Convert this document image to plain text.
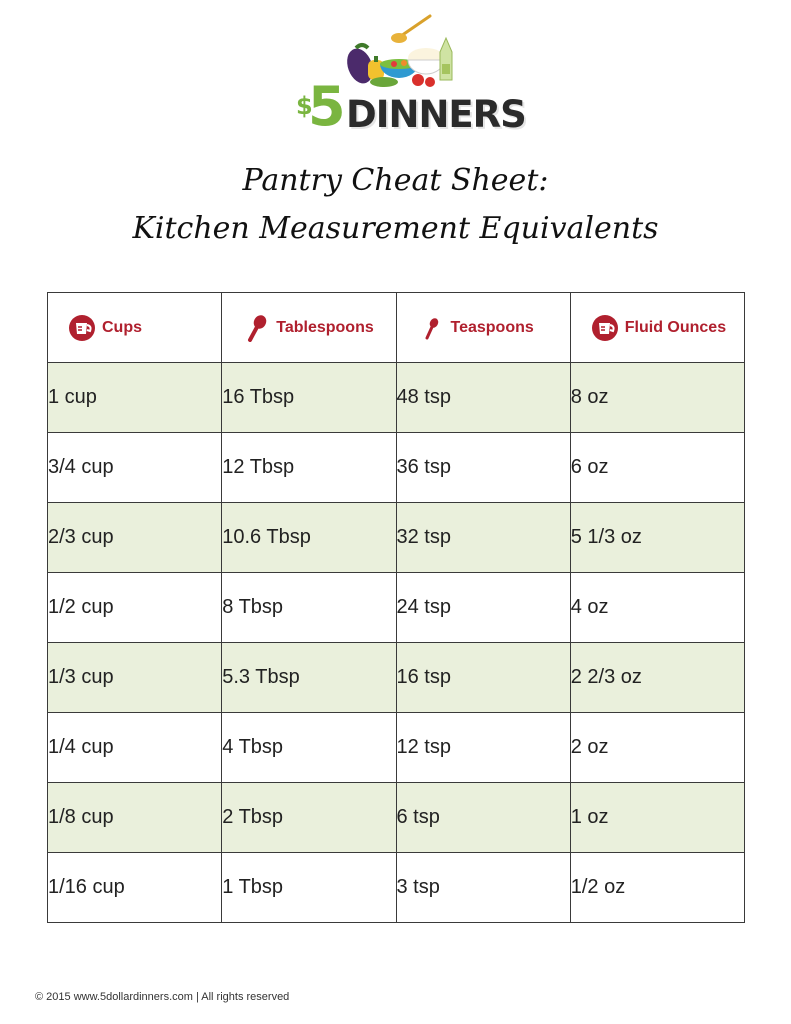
$
5 DINNERS
Pantry Cheat Sheet:
Kitchen Measurement Equivalents
Cups	Tablespoons	Teaspoons	Fluid Ounces

1 cup	16 Tbsp	48 tsp	8 oz
3/4 cup	12 Tbsp	36 tsp	6 oz
2/3 cup	10.6 Tbsp	32 tsp	5 1/3 oz
1/2 cup	8 Tbsp	24 tsp	4 oz
1/3 cup	5.3 Tbsp	16 tsp	2 2/3 oz
1/4 cup	4 Tbsp	12 tsp	2 oz
1/8 cup	2 Tbsp	6 tsp	1 oz
1/16 cup	1 Tbsp	3 tsp	1/2 oz
© 2015 www.5dollardinners.com | All rights reserved
